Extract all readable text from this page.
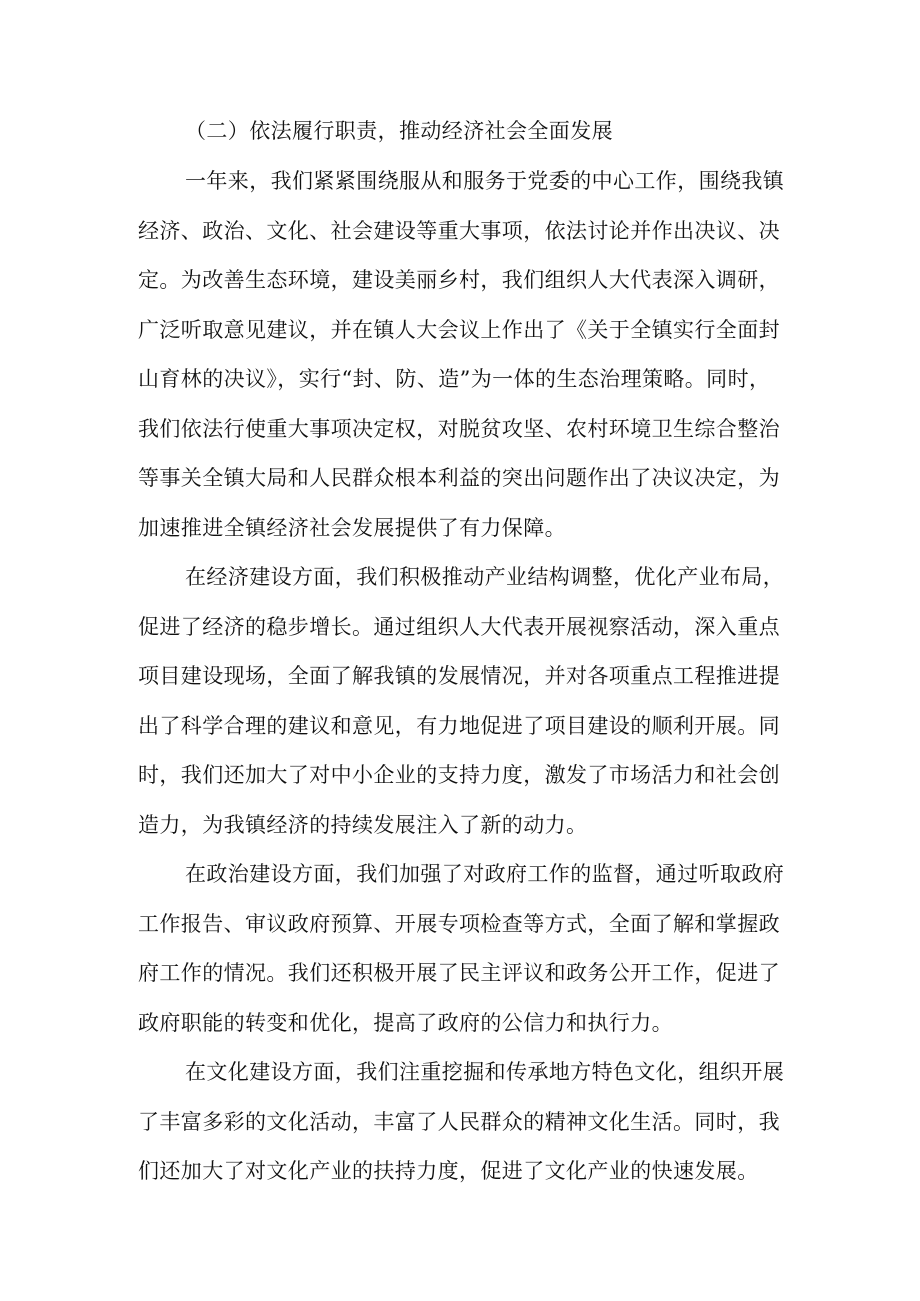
（二）依法履行职责，推动经济社会全面发展
一年来，我们紧紧围绕服从和服务于党委的中心工作，围绕我镇
经济、政治、文化、社会建设等重大事项，依法讨论并作出决议、决
定。为改善生态环境，建设美丽乡村，我们组织人大代表深入调研，
广泛听取意见建议，并在镇人大会议上作出了《关于全镇实行全面封
山育林的决议》，实行“封、防、造”为一体的生态治理策略。同时，
我们依法行使重大事项决定权，对脱贫攻坚、农村环境卫生综合整治
等事关全镇大局和人民群众根本利益的突出问题作出了决议决定，为
加速推进全镇经济社会发展提供了有力保障。
在经济建设方面，我们积极推动产业结构调整，优化产业布局，
促进了经济的稳步增长。通过组织人大代表开展视察活动，深入重点
项目建设现场，全面了解我镇的发展情况，并对各项重点工程推进提
出了科学合理的建议和意见，有力地促进了项目建设的顺利开展。同
时，我们还加大了对中小企业的支持力度，激发了市场活力和社会创
造力，为我镇经济的持续发展注入了新的动力。
在政治建设方面，我们加强了对政府工作的监督，通过听取政府
工作报告、审议政府预算、开展专项检查等方式，全面了解和掌握政
府工作的情况。我们还积极开展了民主评议和政务公开工作，促进了
政府职能的转变和优化，提高了政府的公信力和执行力。
在文化建设方面，我们注重挖掘和传承地方特色文化，组织开展
了丰富多彩的文化活动，丰富了人民群众的精神文化生活。同时，我
们还加大了对文化产业的扶持力度，促进了文化产业的快速发展。
